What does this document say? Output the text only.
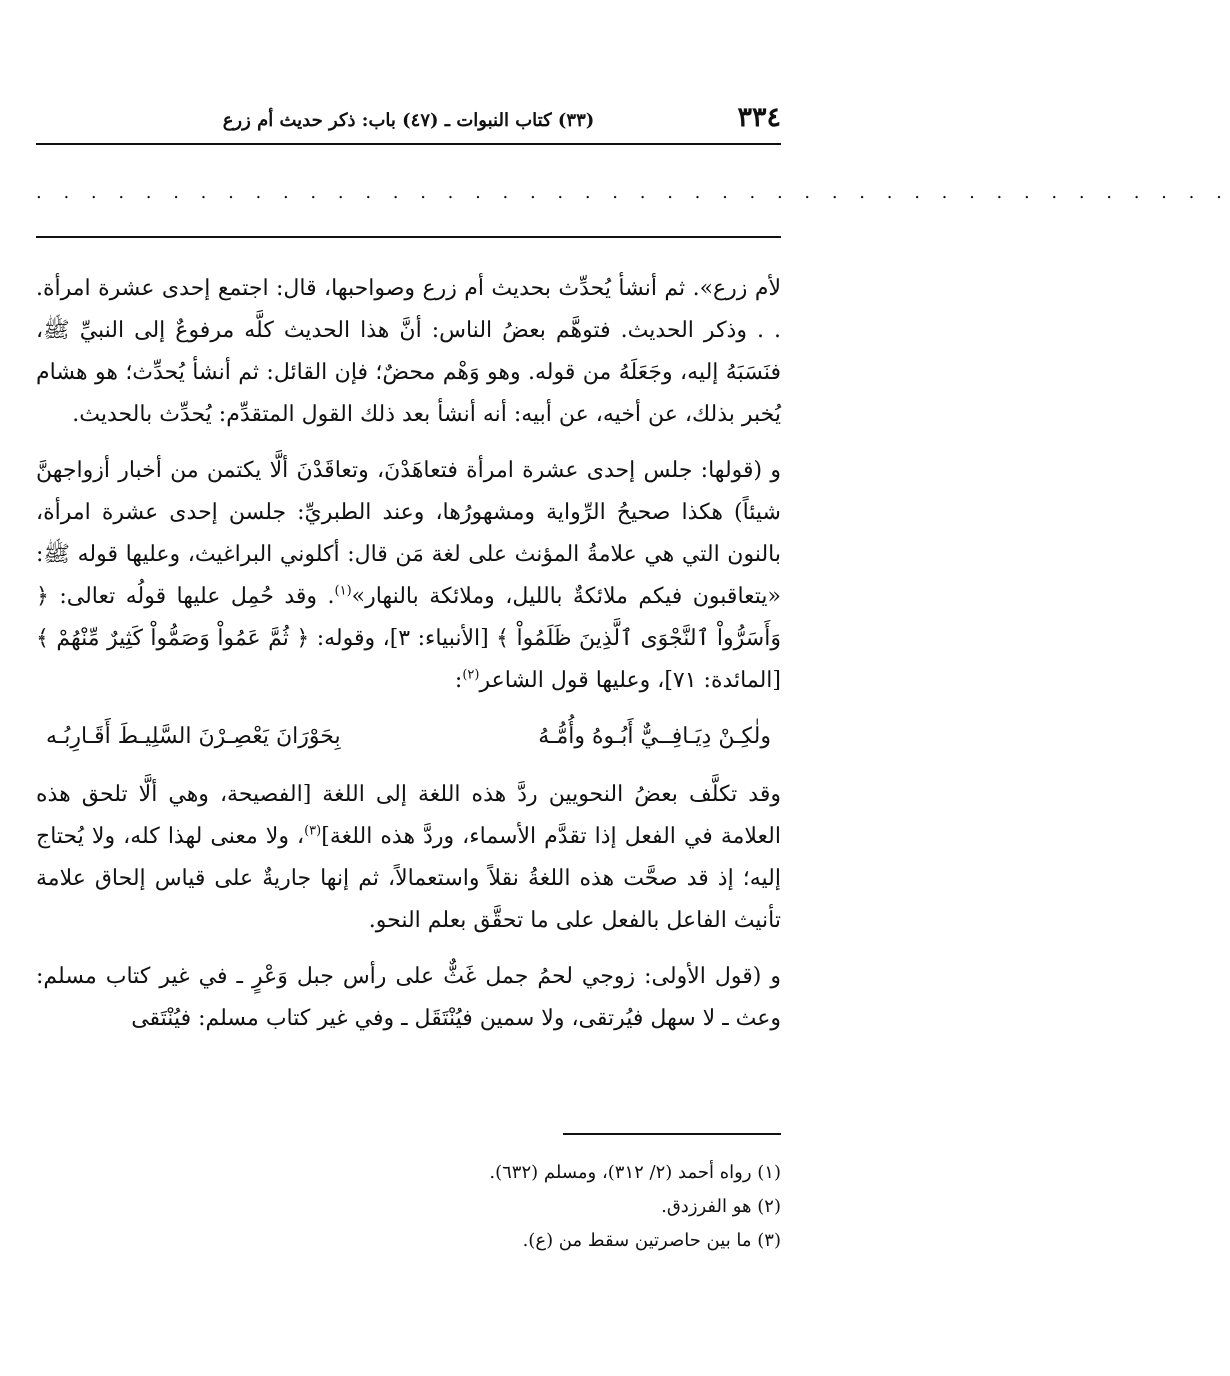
٣٣٤
(٣٣) كتاب النبوات ـ (٤٧) باب: ذكر حديث أم زرع
. . . . . . . . . . . . . . . . . . . . . . . . . . . . . . . . . . . . . . . . . . . .

لأم زرع». ثم أنشأ يُحدِّث بحديث أم زرع وصواحبها، قال: اجتمع إحدى عشرة امرأة. . . وذكر الحديث. فتوهَّم بعضُ الناس: أنَّ هذا الحديث كلَّه مرفوعٌ إلى النبيِّ ﷺ، فنَسَبَهُ إليه، وجَعَلَهُ من قوله. وهو وَهْم محضٌ؛ فإن القائل: ثم أنشأ يُحدِّث؛ هو هشام يُخبر بذلك، عن أخيه، عن أبيه: أنه أنشأ بعد ذلك القول المتقدِّم: يُحدِّث بالحديث.

و (قولها: جلس إحدى عشرة امرأة فتعاهَدْنَ، وتعاقَدْنَ ألَّا يكتمن من أخبار أزواجهنَّ شيئاً) هكذا صحيحُ الرِّواية ومشهورُها، وعند الطبريِّ: جلسن إحدى عشرة امرأة، بالنون التي هي علامةُ المؤنث على لغة مَن قال: أكلوني البراغيث، وعليها قوله ﷺ: «يتعاقبون فيكم ملائكةٌ بالليل، وملائكة بالنهار»$^{(١)}$. وقد حُمِل عليها قولُه تعالى: ﴿ وَأَسَرُّواْ ٱلنَّجْوَى ٱلَّذِينَ ظَلَمُواْ ﴾ [الأنبياء: ٣]، وقوله: ﴿ ثُمَّ عَمُواْ وَصَمُّواْ كَثِيرٌ مِّنْهُمْ ﴾ [المائدة: ٧١]، وعليها قول الشاعر$^{(٢)}$:

ولٰكِـنْ دِيَـافِــيٌّ أَبُـوهُ وأُمُّـهُ
بِحَوْرَانَ يَعْصِـرْنَ السَّلِيـطَ أَقَـارِبُـه

وقد تكلَّف بعضُ النحويين ردَّ هذه اللغة إلى اللغة [الفصيحة، وهي ألَّا تلحق هذه العلامة في الفعل إذا تقدَّم الأسماء، وردَّ هذه اللغة]$^{(٣)}$، ولا معنى لهذا كله، ولا يُحتاج إليه؛ إذ قد صحَّت هذه اللغةُ نقلاً واستعمالاً، ثم إنها جاريةٌ على قياس إلحاق علامة تأنيث الفاعل بالفعل على ما تحقَّق بعلم النحو.

و (قول الأولى: زوجي لحمُ جمل غَثٌّ على رأس جبل وَعْرٍ ـ في غير كتاب مسلم: وعث ـ لا سهل فيُرتقى، ولا سمين فيُنْتَقَل ـ وفي غير كتاب مسلم: فيُنْتَقى

(١) رواه أحمد (٢/ ٣١٢)، ومسلم (٦٣٢).

(٢) هو الفرزدق.

(٣) ما بين حاصرتين سقط من (ع).
